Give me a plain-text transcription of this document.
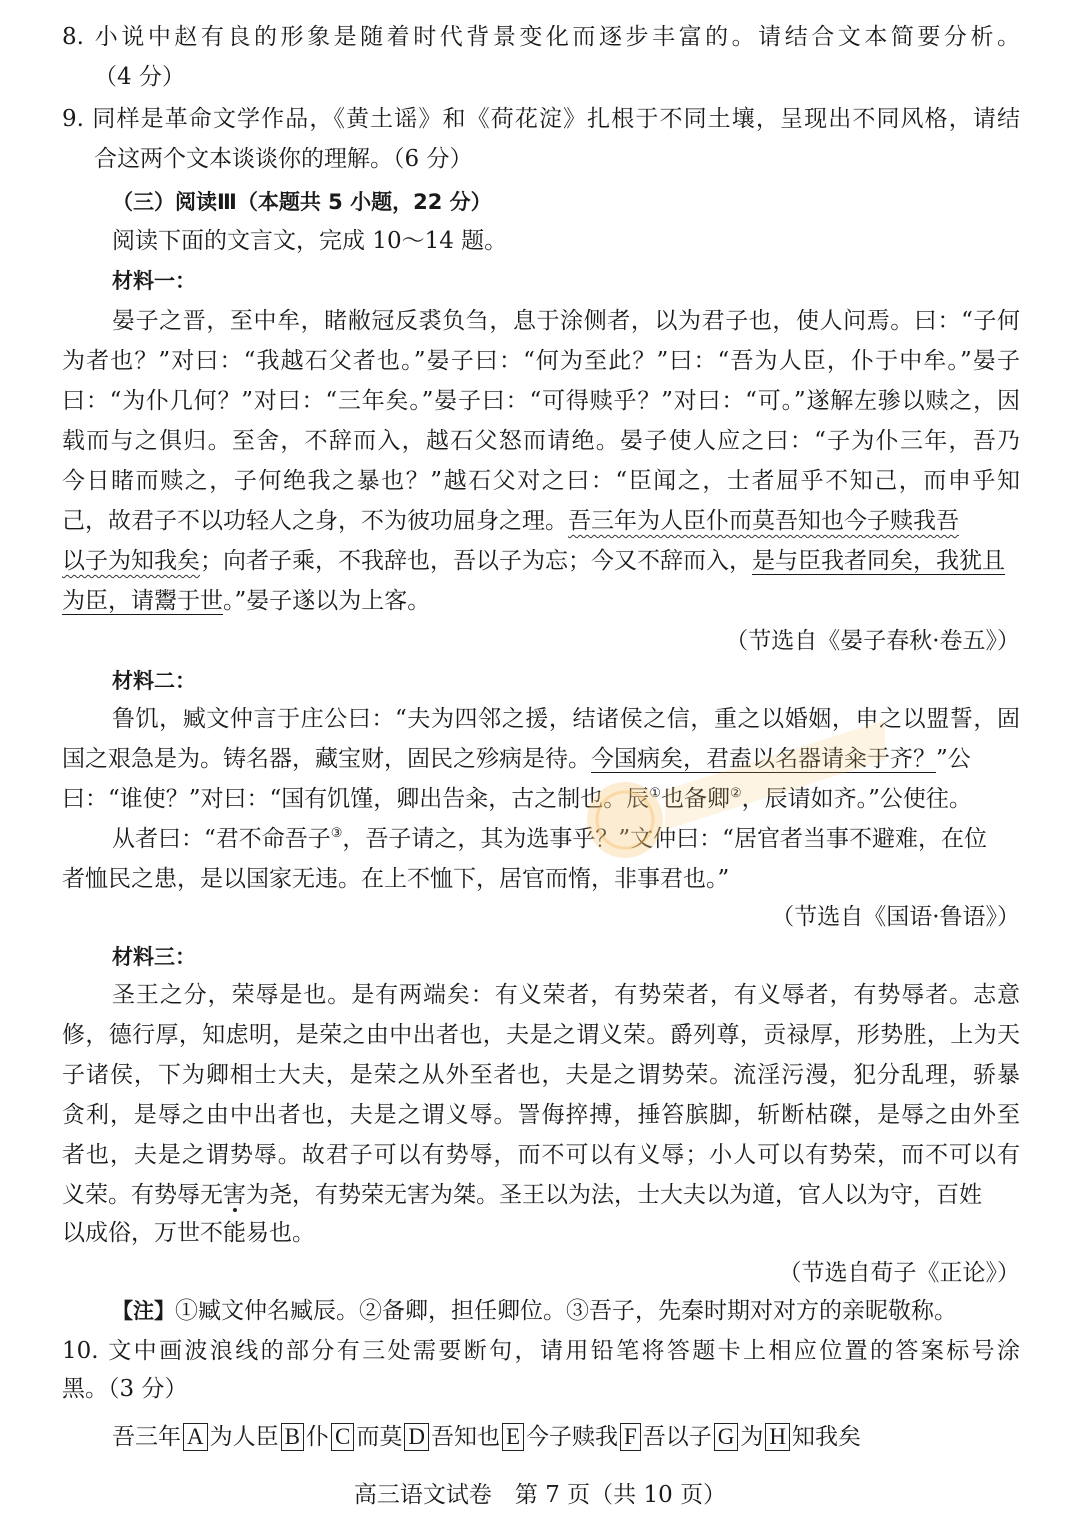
8. 小说中赵有良的形象是随着时代背景变化而逐步丰富的。请结合文本简要分析。
（4 分）
9. 同样是革命文学作品，《黄土谣》和《荷花淀》扎根于不同土壤，呈现出不同风格，请结
合这两个文本谈谈你的理解。（6 分）
（三）阅读Ⅲ（本题共 5 小题，22 分）
阅读下面的文言文，完成 10～14 题。
材料一：
晏子之晋，至中牟，睹敝冠反裘负刍，息于涂侧者，以为君子也，使人问焉。曰：“子何
为者也？”对曰：“我越石父者也。”晏子曰：“何为至此？”曰：“吾为人臣，仆于中牟。”晏子
曰：“为仆几何？”对曰：“三年矣。”晏子曰：“可得赎乎？”对曰：“可。”遂解左骖以赎之，因
载而与之俱归。至舍，不辞而入，越石父怒而请绝。晏子使人应之曰：“子为仆三年，吾乃
今日睹而赎之，子何绝我之暴也？”越石父对之曰：“臣闻之，士者屈乎不知己，而申乎知
己，故君子不以功轻人之身，不为彼功屈身之理。吾三年为人臣仆而莫吾知也今子赎我吾
以子为知我矣；向者子乘，不我辞也，吾以子为忘；今又不辞而入，是与臣我者同矣，我犹且
为臣，请鬻于世。”晏子遂以为上客。
（节选自《晏子春秋·卷五》）
材料二：
鲁饥，臧文仲言于庄公曰：“夫为四邻之援，结诸侯之信，重之以婚姻，申之以盟誓，固
国之艰急是为。铸名器，藏宝财，固民之殄病是待。今国病矣，君盍以名器请籴于齐？”公
曰：“谁使？”对曰：“国有饥馑，卿出告籴，古之制也。辰①也备卿②，辰请如齐。”公使往。
从者曰：“君不命吾子③，吾子请之，其为选事乎？”文仲曰：“居官者当事不避难，在位
者恤民之患，是以国家无违。在上不恤下，居官而惰，非事君也。”
（节选自《国语·鲁语》）
材料三：
圣王之分，荣辱是也。是有两端矣：有义荣者，有势荣者，有义辱者，有势辱者。志意
修，德行厚，知虑明，是荣之由中出者也，夫是之谓义荣。爵列尊，贡禄厚，形势胜，上为天
子诸侯，下为卿相士大夫，是荣之从外至者也，夫是之谓势荣。流淫污漫，犯分乱理，骄暴
贪利，是辱之由中出者也，夫是之谓义辱。詈侮捽搏，捶笞膑脚，斩断枯磔，是辱之由外至
者也，夫是之谓势辱。故君子可以有势辱，而不可以有义辱；小人可以有势荣，而不可以有
义荣。有势辱无害为尧，有势荣无害为桀。圣王以为法，士大夫以为道，官人以为守，百姓
以成俗，万世不能易也。
（节选自荀子《正论》）
【注】①臧文仲名臧辰。②备卿，担任卿位。③吾子，先秦时期对对方的亲昵敬称。
10. 文中画波浪线的部分有三处需要断句，请用铅笔将答题卡上相应位置的答案标号涂
黑。（3 分）
吾三年 A 为人臣 B 仆 C 而莫 D 吾知也 E 今子赎我 F 吾以子 G 为 H 知我矣
高三语文试卷　第 7 页（共 10 页）
